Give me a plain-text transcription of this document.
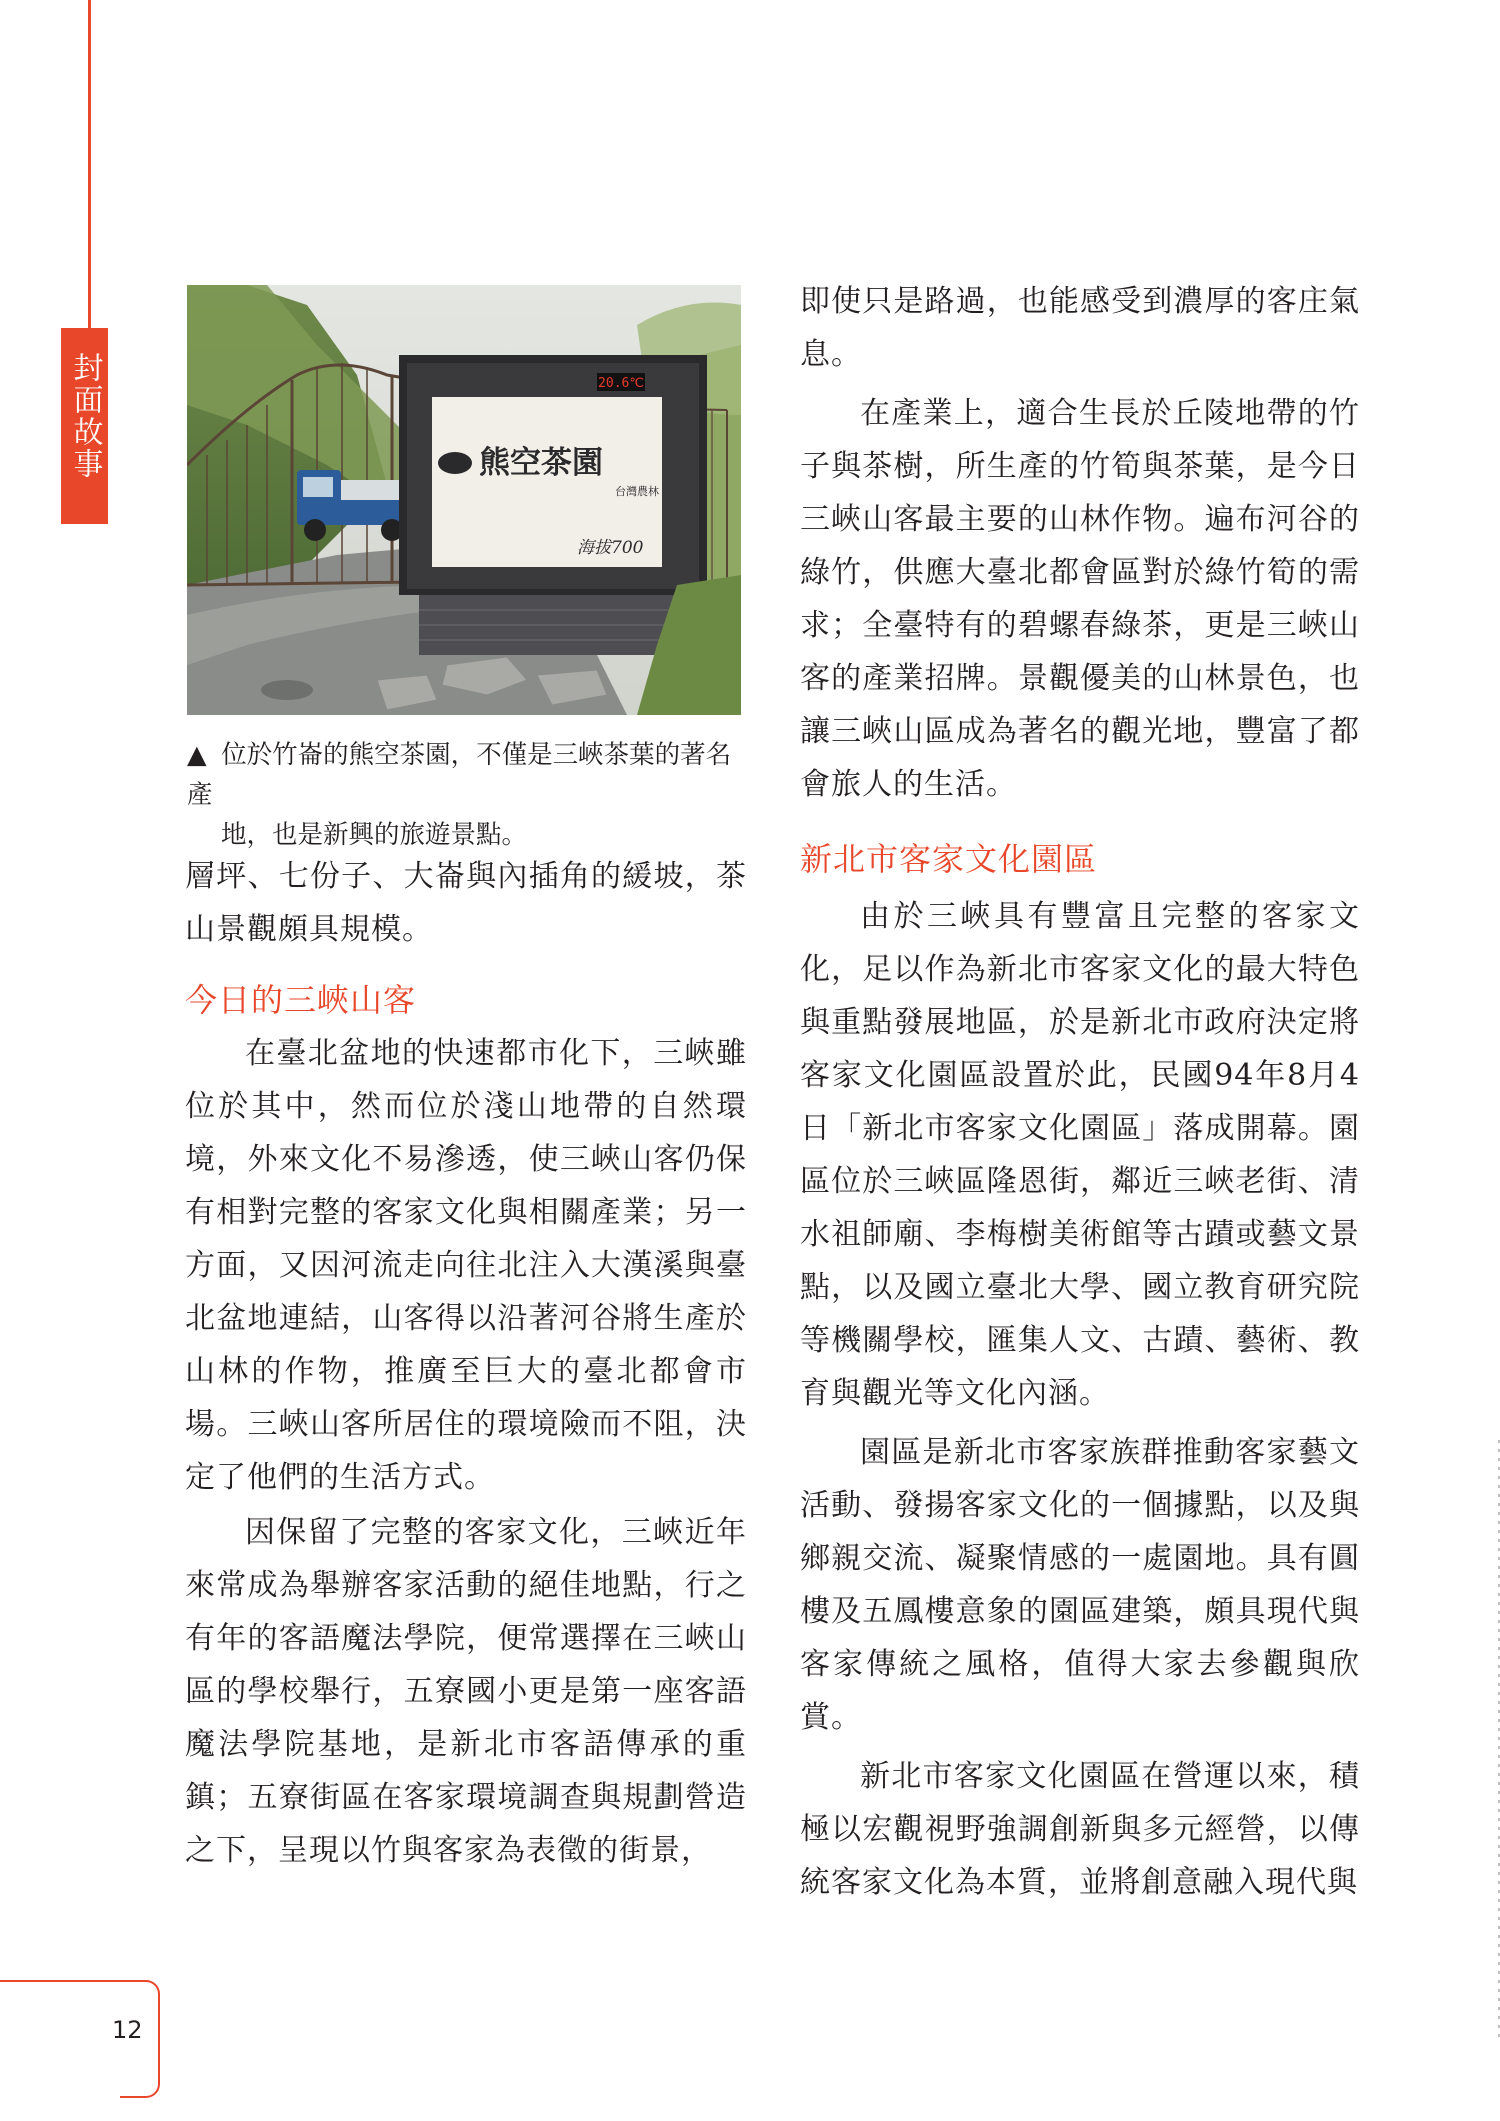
封面故事	20.6℃
熊空茶園
台灣農林
海拔700
▲ 位於竹崙的熊空茶園，不僅是三峽茶葉的著名產
地，也是新興的旅遊景點。

層坪、七份子、大崙與內插角的緩坡，茶山景觀頗具規模。

今日的三峽山客

在臺北盆地的快速都市化下，三峽雖位於其中，然而位於淺山地帶的自然環境，外來文化不易滲透，使三峽山客仍保有相對完整的客家文化與相關產業；另一方面，又因河流走向往北注入大漢溪與臺北盆地連結，山客得以沿著河谷將生產於山林的作物，推廣至巨大的臺北都會市場。三峽山客所居住的環境險而不阻，決定了他們的生活方式。

因保留了完整的客家文化，三峽近年來常成為舉辦客家活動的絕佳地點，行之有年的客語魔法學院，便常選擇在三峽山區的學校舉行，五寮國小更是第一座客語魔法學院基地，是新北市客語傳承的重鎮；五寮街區在客家環境調查與規劃營造之下，呈現以竹與客家為表徵的街景，

即使只是路過，也能感受到濃厚的客庄氣息。

在產業上，適合生長於丘陵地帶的竹子與茶樹，所生產的竹筍與茶葉，是今日三峽山客最主要的山林作物。遍布河谷的綠竹，供應大臺北都會區對於綠竹筍的需求；全臺特有的碧螺春綠茶，更是三峽山客的產業招牌。景觀優美的山林景色，也讓三峽山區成為著名的觀光地，豐富了都會旅人的生活。

新北市客家文化園區

由於三峽具有豐富且完整的客家文化，足以作為新北市客家文化的最大特色與重點發展地區，於是新北市政府決定將客家文化園區設置於此，民國94年8月4日「新北市客家文化園區」落成開幕。園區位於三峽區隆恩街，鄰近三峽老街、清水祖師廟、李梅樹美術館等古蹟或藝文景點，以及國立臺北大學、國立教育研究院等機關學校，匯集人文、古蹟、藝術、教育與觀光等文化內涵。

園區是新北市客家族群推動客家藝文活動、發揚客家文化的一個據點，以及與鄉親交流、凝聚情感的一處園地。具有圓樓及五鳳樓意象的園區建築，頗具現代與客家傳統之風格，值得大家去參觀與欣賞。

新北市客家文化園區在營運以來，積極以宏觀視野強調創新與多元經營，以傳統客家文化為本質，並將創意融入現代與

12
